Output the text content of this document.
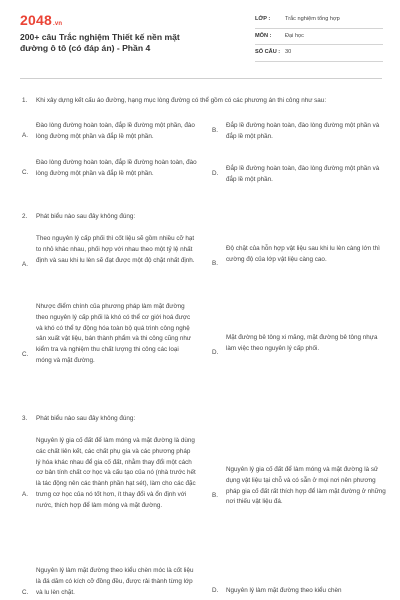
2048.vn
200+ câu Trắc nghiệm Thiết kế nền mặt đường ô tô (có đáp án) - Phần 4
LỚP :	Trắc nghiệm tổng hợp
MÔN : Đại học
SỐ CÂU : 30
1. Khi xây dựng kết cấu áo đường, hạng mục lòng đường có thể gồm có các phương án thi công như sau:
A.
Đào lòng đường hoàn toàn, đắp lề đường một phần, đào lòng đường một phần và đắp lề một phần.
B.
Đắp lề đường hoàn toàn, đào lòng đường một phần và đắp lề một phần.
C.
Đào lòng đường hoàn toàn, đắp lề đường hoàn toàn, đào lòng đường một phần và đắp lề một phần.	D.
Đắp lề đường hoàn toàn, đào lòng đường một phần và đắp lề một phần.
2. Phát biểu nào sau đây không đúng:
A.
Theo nguyên lý cấp phối thì cốt liệu sẽ gồm nhiều cỡ hạt to nhỏ khác nhau, phối hợp với nhau theo một tỷ lệ nhất định và sau khi lu lèn sẽ đạt được một độ chặt nhất định.	B.
Độ chặt của hỗn hợp vật liệu sau khi lu lèn càng lớn thì cường độ của lớp vật liệu càng cao.
C.
Nhược điểm chính của phương pháp làm mặt đường theo nguyên lý cấp phối là khó có thể cơ giới hoá được và khó có thể tự động hóa toàn bộ quá trình công nghệ sản xuất vật liệu, bán thành phẩm và thi công cũng như kiểm tra và nghiệm thu chất lượng thi công các loại móng và mặt đường.
D.
Mặt đường bê tông xi măng, mặt đường bê tông nhựa làm việc theo nguyên lý cấp phối.
3. Phát biểu nào sau đây không đúng:
A.
Nguyên lý gia cố đất để làm móng và mặt đường là dùng các chất liên kết, các chất phụ gia và các phương pháp lý hóa khác nhau để gia cố đất, nhằm thay đổi một cách cơ bản tính chất cơ học và cấu tạo của nó (nhà trước hết là tác động nên các thành phần hạt sét), làm cho các đặc trưng cơ học của nó tốt hơn, ít thay đổi và ổn định với nước, thích hợp để làm móng và mặt đường.
B.
Nguyên lý gia cố đất để làm móng và mặt đường là sử dụng vật liệu tại chỗ và có sẵn ở mọi nơi nên phương pháp gia cố đất rất thích hợp để làm mặt đường ở những nơi thiếu vật liệu đá.
C.
Nguyên lý làm mặt đường theo kiểu chèn móc là cốt liệu là đá dăm có kích cỡ đồng đều, được rải thành từng lớp và lu lèn chặt.	D. Nguyên lý làm mặt đường theo kiểu chèn
